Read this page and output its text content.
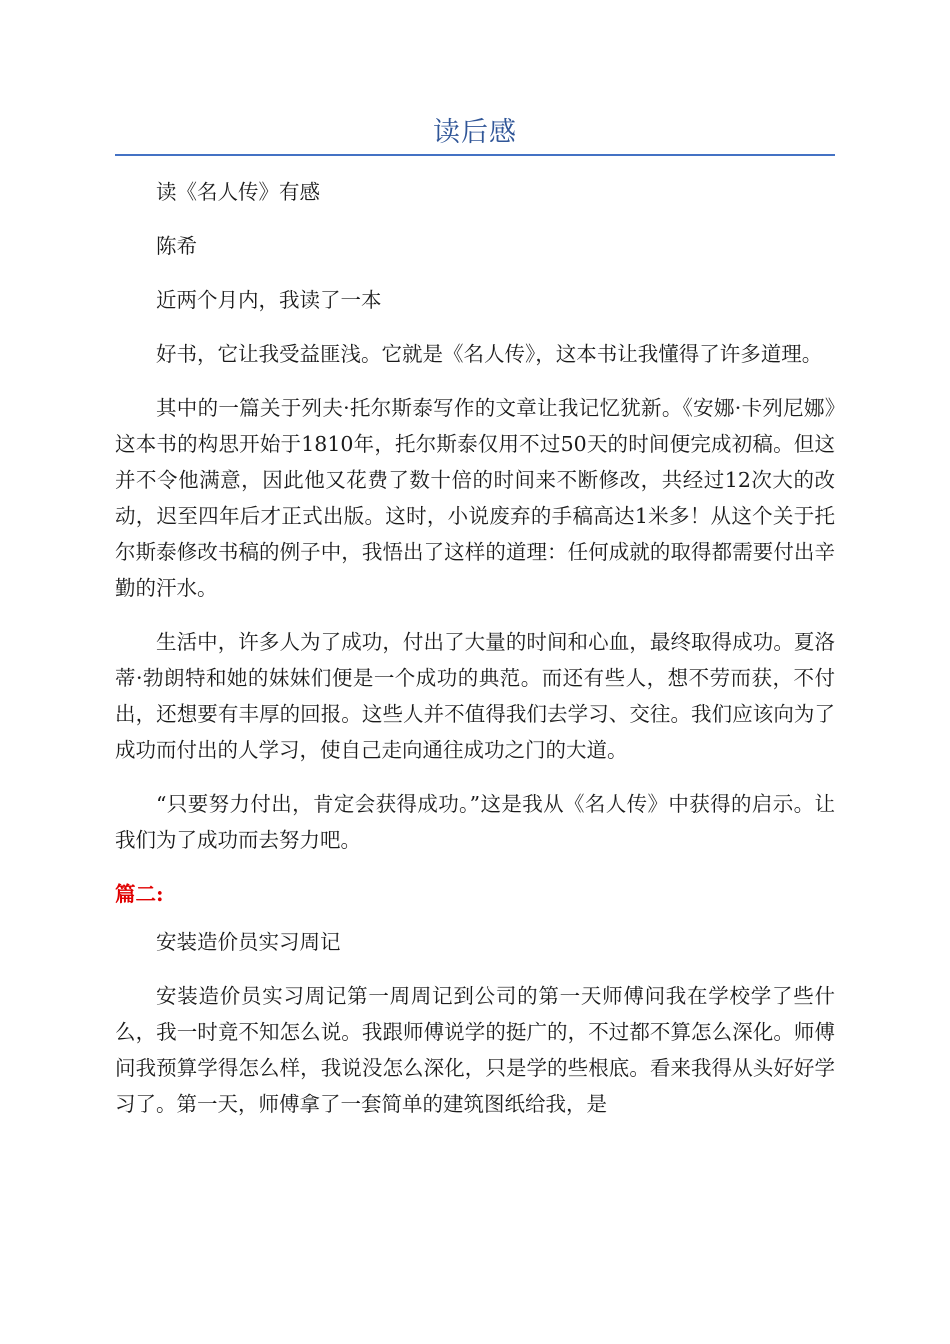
读后感

读《名人传》有感

陈希

近两个月内，我读了一本

好书，它让我受益匪浅。它就是《名人传》，这本书让我懂得了许多道理。

其中的一篇关于列夫·托尔斯泰写作的文章让我记忆犹新。《安娜·卡列尼娜》这本书的构思开始于1810年，托尔斯泰仅用不过50天的时间便完成初稿。但这并不令他满意，因此他又花费了数十倍的时间来不断修改，共经过12次大的改动，迟至四年后才正式出版。这时，小说废弃的手稿高达1米多！从这个关于托尔斯泰修改书稿的例子中，我悟出了这样的道理：任何成就的取得都需要付出辛勤的汗水。

生活中，许多人为了成功，付出了大量的时间和心血，最终取得成功。夏洛蒂·勃朗特和她的妹妹们便是一个成功的典范。而还有些人，想不劳而获，不付出，还想要有丰厚的回报。这些人并不值得我们去学习、交往。我们应该向为了成功而付出的人学习，使自己走向通往成功之门的大道。

“只要努力付出，肯定会获得成功。”这是我从《名人传》中获得的启示。让我们为了成功而去努力吧。

篇二:

安装造价员实习周记

安装造价员实习周记第一周周记到公司的第一天师傅问我在学校学了些什么，我一时竟不知怎么说。我跟师傅说学的挺广的，不过都不算怎么深化。师傅问我预算学得怎么样，我说没怎么深化，只是学的些根底。看来我得从头好好学习了。第一天，师傅拿了一套简单的建筑图纸给我，是
